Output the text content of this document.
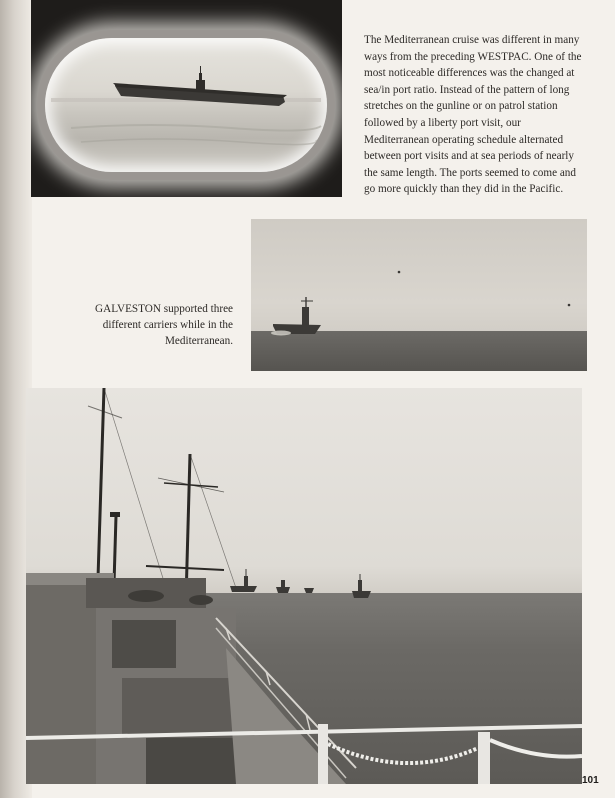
The Mediterranean cruise was different in many ways from the preceding WESTPAC. One of the most noticeable differences was the changed at sea/in port ratio. Instead of the pattern of long stretches on the gunline or on patrol station followed by a liberty port visit, our Mediterranean operating schedule alternated between port visits and at sea periods of nearly the same length. The ports seemed to come and go more quickly than they did in the Pacific.

GALVESTON supported three different carriers while in the Mediterranean.

101
